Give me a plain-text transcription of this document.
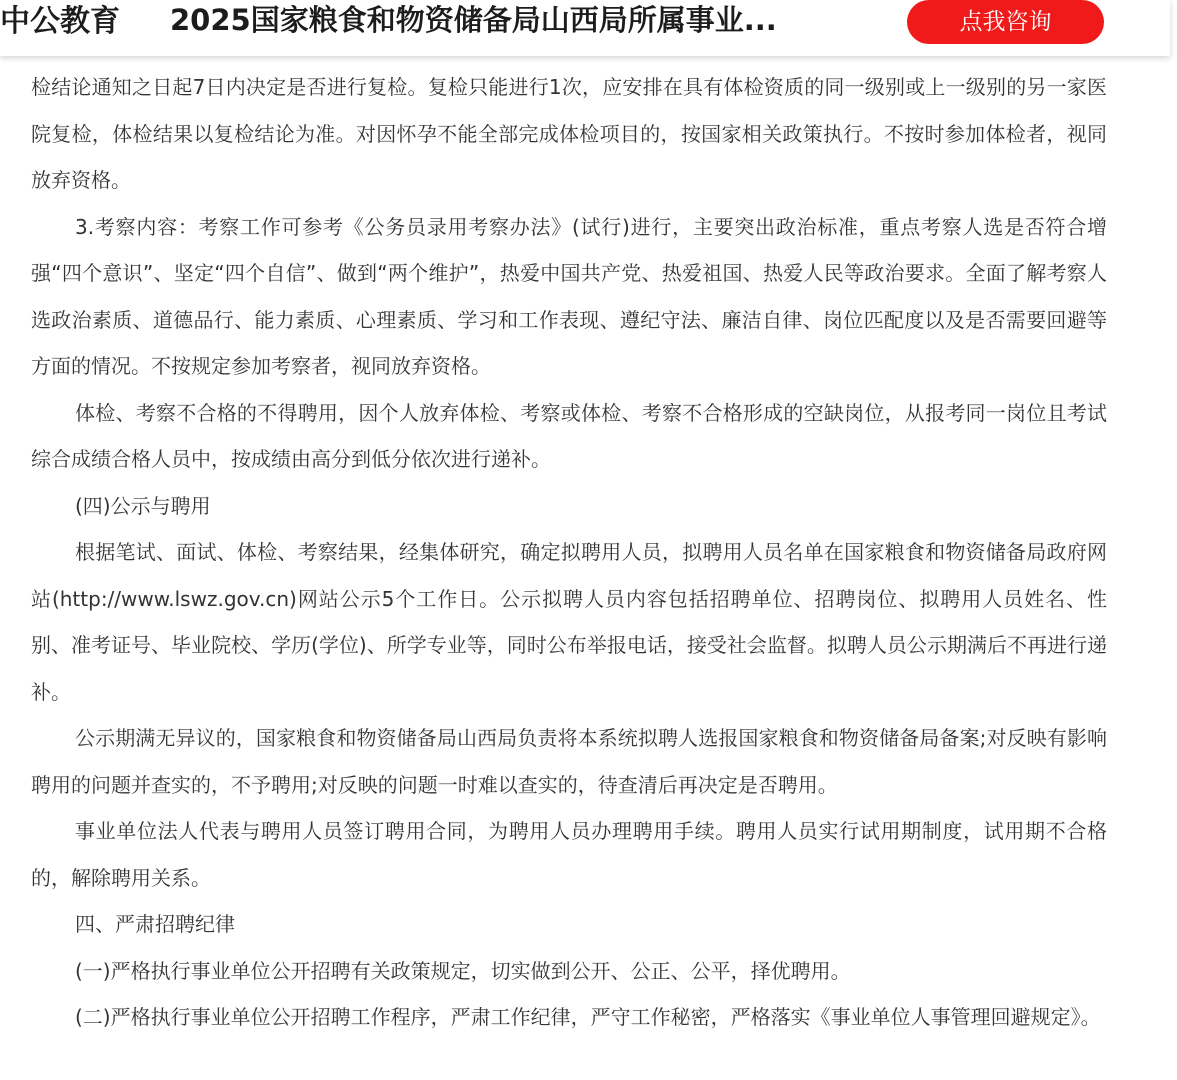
中公教育 2025国家粮食和物资储备局山西局所属事业...	点我咨询

检结论通知之日起7日内决定是否进行复检。复检只能进行1次，应安排在具有体检资质的同一级别或上一级别的另一家医院复检，体检结果以复检结论为准。对因怀孕不能全部完成体检项目的，按国家相关政策执行。不按时参加体检者，视同放弃资格。

3.考察内容：考察工作可参考《公务员录用考察办法》(试行)进行，主要突出政治标准，重点考察人选是否符合增强“四个意识”、坚定“四个自信”、做到“两个维护”，热爱中国共产党、热爱祖国、热爱人民等政治要求。全面了解考察人选政治素质、道德品行、能力素质、心理素质、学习和工作表现、遵纪守法、廉洁自律、岗位匹配度以及是否需要回避等方面的情况。不按规定参加考察者，视同放弃资格。

体检、考察不合格的不得聘用，因个人放弃体检、考察或体检、考察不合格形成的空缺岗位，从报考同一岗位且考试综合成绩合格人员中，按成绩由高分到低分依次进行递补。

(四)公示与聘用

根据笔试、面试、体检、考察结果，经集体研究，确定拟聘用人员，拟聘用人员名单在国家粮食和物资储备局政府网站(http://www.lswz.gov.cn)网站公示5个工作日。公示拟聘人员内容包括招聘单位、招聘岗位、拟聘用人员姓名、性别、准考证号、毕业院校、学历(学位)、所学专业等，同时公布举报电话，接受社会监督。拟聘人员公示期满后不再进行递补。

公示期满无异议的，国家粮食和物资储备局山西局负责将本系统拟聘人选报国家粮食和物资储备局备案;对反映有影响聘用的问题并查实的，不予聘用;对反映的问题一时难以查实的，待查清后再决定是否聘用。

事业单位法人代表与聘用人员签订聘用合同，为聘用人员办理聘用手续。聘用人员实行试用期制度，试用期不合格的，解除聘用关系。

四、严肃招聘纪律

(一)严格执行事业单位公开招聘有关政策规定，切实做到公开、公正、公平，择优聘用。

(二)严格执行事业单位公开招聘工作程序，严肃工作纪律，严守工作秘密，严格落实《事业单位人事管理回避规定》。
